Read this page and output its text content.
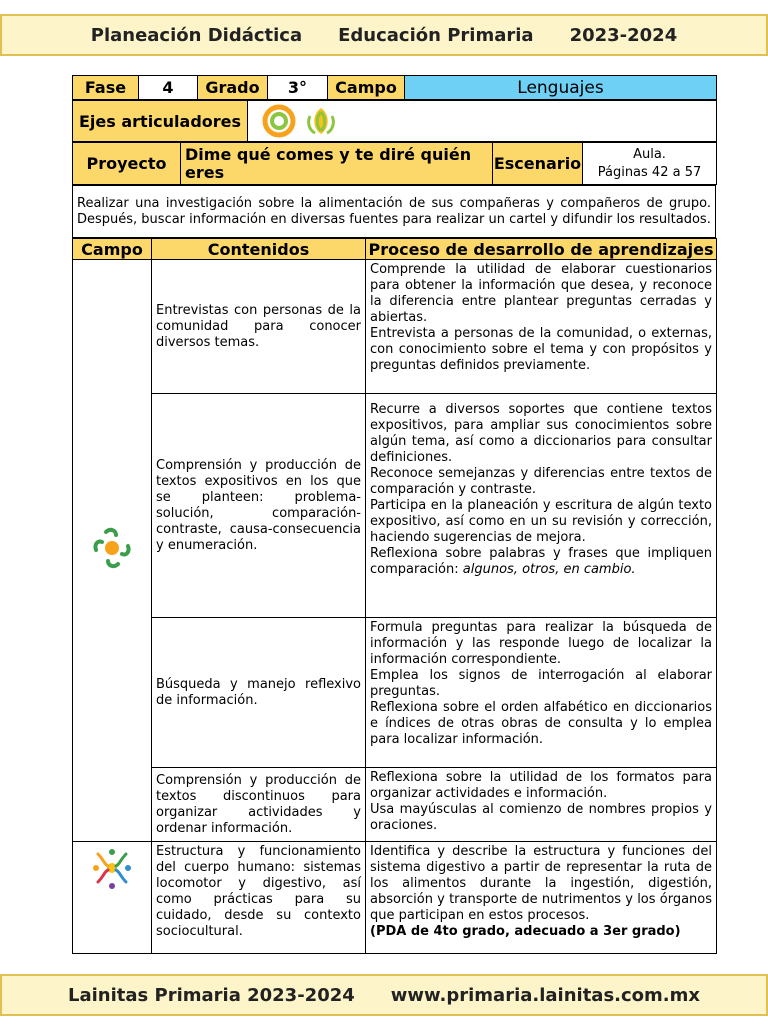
Planeación Didáctica Educación Primaria 2023-2024
Fase	4	Grado	3°	Campo	Lenguajes
Ejes articuladores
Proyecto	Dime qué comes y te diré quién eres	Escenario	Aula.
Páginas 42 a 57
Realizar una investigación sobre la alimentación de sus compañeras y compañeros de grupo. Después, buscar información en diversas fuentes para realizar un cartel y difundir los resultados.
Campo	Contenidos	Proceso de desarrollo de aprendizajes
	Entrevistas con personas de la comunidad para conocer diversos temas.	Comprende la utilidad de elaborar cuestionarios para obtener la información que desea, y reconoce la diferencia entre plantear preguntas cerradas y abiertas.

Entrevista a personas de la comunidad, o externas, con conocimiento sobre el tema y con propósitos y preguntas definidos previamente.

	Comprensión y producción de textos expositivos en los que se planteen: problema-solución, comparación-contraste, causa-consecuencia y enumeración.	Recurre a diversos soportes que contiene textos expositivos, para ampliar sus conocimientos sobre algún tema, así como a diccionarios para consultar definiciones.

Reconoce semejanzas y diferencias entre textos de comparación y contraste.

Participa en la planeación y escritura de algún texto expositivo, así como en un su revisión y corrección, haciendo sugerencias de mejora.

Reflexiona sobre palabras y frases que impliquen comparación: algunos, otros, en cambio.

	Búsqueda y manejo reflexivo de información.	Formula preguntas para realizar la búsqueda de información y las responde luego de localizar la información correspondiente.

Emplea los signos de interrogación al elaborar preguntas.

Reflexiona sobre el orden alfabético en diccionarios e índices de otras obras de consulta y lo emplea para localizar información.

	Comprensión y producción de textos discontinuos para organizar actividades y ordenar información.	Reflexiona sobre la utilidad de los formatos para organizar actividades e información.

Usa mayúsculas al comienzo de nombres propios y oraciones.

	Estructura y funcionamiento del cuerpo humano: sistemas locomotor y digestivo, así como prácticas para su cuidado, desde su contexto sociocultural.	Identifica y describe la estructura y funciones del sistema digestivo a partir de representar la ruta de los alimentos durante la ingestión, digestión, absorción y transporte de nutrimentos y los órganos que participan en estos procesos.

(PDA de 4to grado, adecuado a 3er grado)

Lainitas Primaria 2023-2024 www.primaria.lainitas.com.mx
